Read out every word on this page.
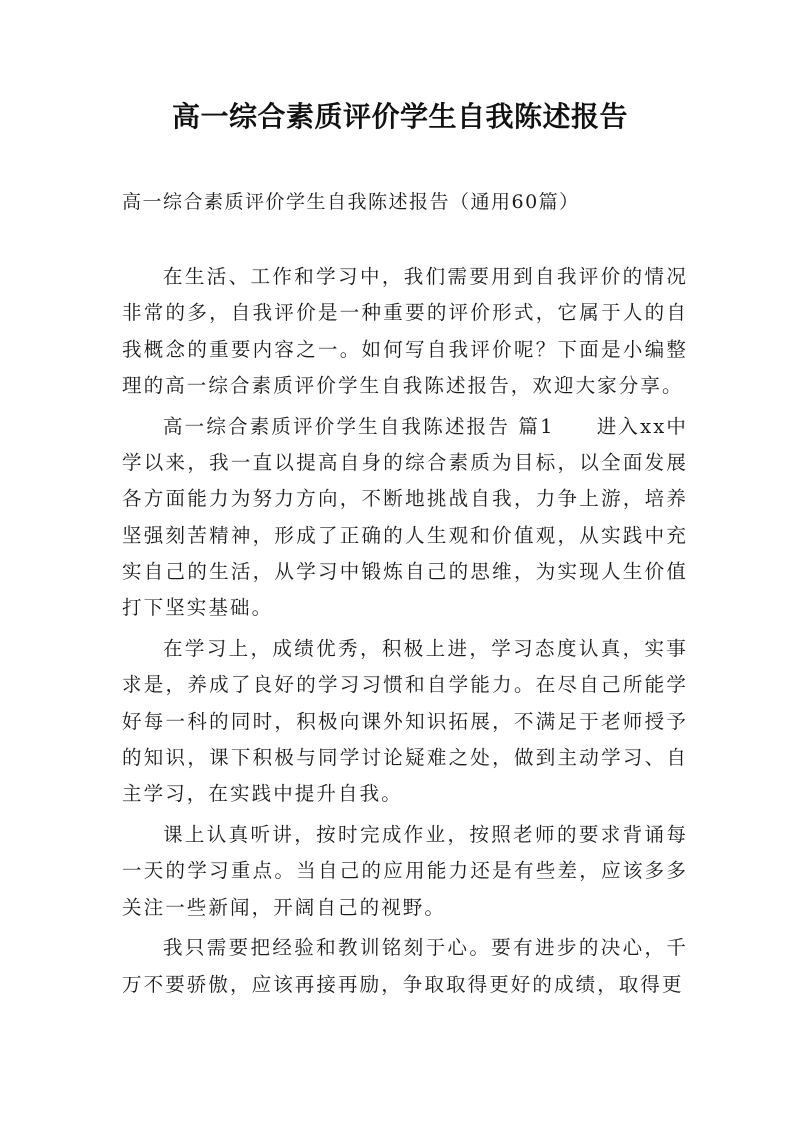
高一综合素质评价学生自我陈述报告
高一综合素质评价学生自我陈述报告（通用60篇）

在生活、工作和学习中，我们需要用到自我评价的情况非常的多，自我评价是一种重要的评价形式，它属于人的自我概念的重要内容之一。如何写自我评价呢？下面是小编整理的高一综合素质评价学生自我陈述报告，欢迎大家分享。

高一综合素质评价学生自我陈述报告 篇1 进入xx中学以来，我一直以提高自身的综合素质为目标，以全面发展各方面能力为努力方向，不断地挑战自我，力争上游，培养坚强刻苦精神，形成了正确的人生观和价值观，从实践中充实自己的生活，从学习中锻炼自己的思维，为实现人生价值打下坚实基础。

在学习上，成绩优秀，积极上进，学习态度认真，实事求是，养成了良好的学习习惯和自学能力。在尽自己所能学好每一科的同时，积极向课外知识拓展，不满足于老师授予的知识，课下积极与同学讨论疑难之处，做到主动学习、自主学习，在实践中提升自我。

课上认真听讲，按时完成作业，按照老师的要求背诵每一天的学习重点。当自己的应用能力还是有些差，应该多多关注一些新闻，开阔自己的视野。

我只需要把经验和教训铭刻于心。要有进步的决心，千万不要骄傲，应该再接再励，争取取得更好的成绩，取得更
